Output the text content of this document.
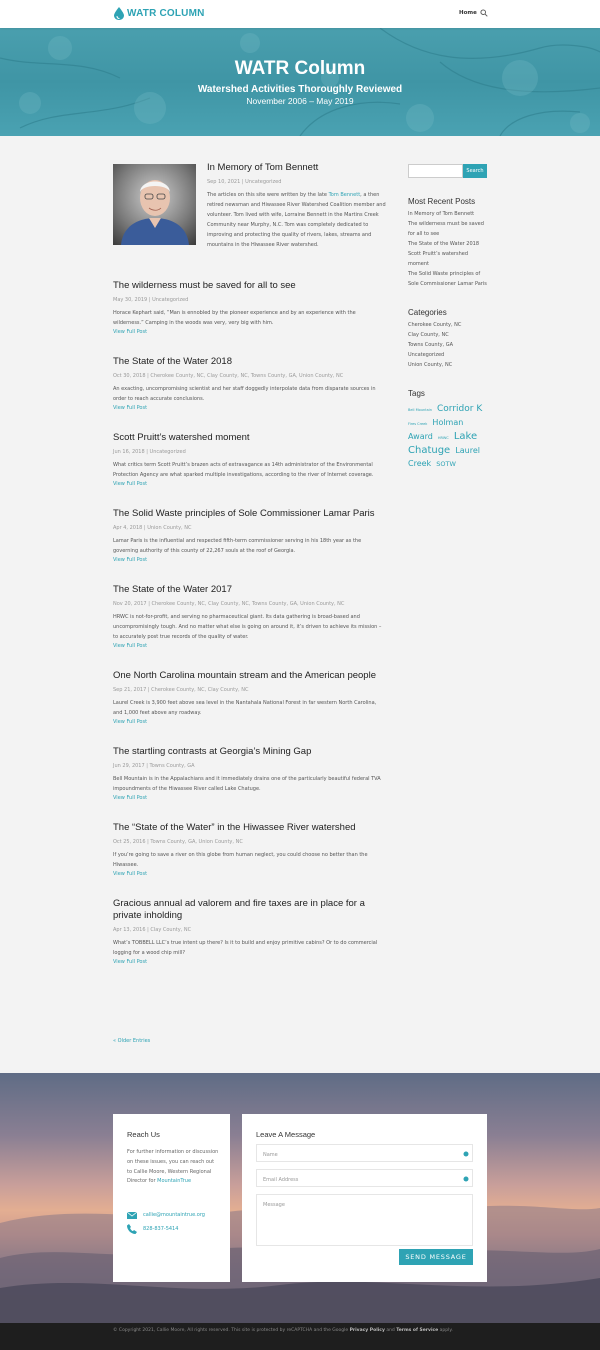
WATR COLUMN	Home
WATR Column
Watershed Activities Thoroughly Reviewed
November 2006 – May 2019
In Memory of Tom Bennett
Sep 10, 2021 | Uncategorized
The articles on this site were written by the late Tom Bennett, a then retired newsman and Hiwassee River Watershed Coalition member and volunteer. Tom lived with wife, Lorraine Bennett in the Martins Creek Community near Murphy, N.C. Tom was completely dedicated to improving and protecting the quality of rivers, lakes, streams and mountains in the Hiwassee River watershed.
The wilderness must be saved for all to see
May 30, 2019 | Uncategorized
Horace Kephart said, “Man is ennobled by the pioneer experience and by an experience with the wilderness.” Camping in the woods was very, very big with him.
View Full Post
The State of the Water 2018
Oct 30, 2018 | Cherokee County, NC, Clay County, NC, Towns County, GA, Union County, NC
An exacting, uncompromising scientist and her staff doggedly interpolate data from disparate sources in order to reach accurate conclusions.
View Full Post
Scott Pruitt’s watershed moment
Jun 16, 2018 | Uncategorized
What critics term Scott Pruitt’s brazen acts of extravagance as 14th administrator of the Environmental Protection Agency are what sparked multiple investigations, according to the river of Internet coverage.
View Full Post
The Solid Waste principles of Sole Commissioner Lamar Paris
Apr 4, 2018 | Union County, NC
Lamar Paris is the influential and respected fifth-term commissioner serving in his 18th year as the governing authority of this county of 22,267 souls at the roof of Georgia.
View Full Post
The State of the Water 2017
Nov 20, 2017 | Cherokee County, NC, Clay County, NC, Towns County, GA, Union County, NC
HRWC is not-for-profit, and serving no pharmaceutical giant. Its data gathering is broad-based and uncompromisingly tough. And no matter what else is going on around it, it’s driven to achieve its mission – to accurately post true records of the quality of water.
View Full Post
One North Carolina mountain stream and the American people
Sep 21, 2017 | Cherokee County, NC, Clay County, NC
Laurel Creek is 3,900 feet above sea level in the Nantahala National Forest in far western North Carolina, and 1,000 feet above any roadway.
View Full Post
The startling contrasts at Georgia’s Mining Gap
Jun 29, 2017 | Towns County, GA
Bell Mountain is in the Appalachians and it immediately drains one of the particularly beautiful federal TVA impoundments of the Hiwassee River called Lake Chatuge.
View Full Post
The “State of the Water” in the Hiwassee River watershed
Oct 25, 2016 | Towns County, GA, Union County, NC
If you’re going to save a river on this globe from human neglect, you could choose no better than the Hiwassee.
View Full Post
Gracious annual ad valorem and fire taxes are in place for a private inholding
Apr 13, 2016 | Clay County, NC
What’s TOBBELL LLC’s true intent up there? Is it to build and enjoy primitive cabins? Or to do commercial logging for a wood chip mill?
View Full Post
« Older Entries
Search
Most Recent Posts
In Memory of Tom Bennett
The wilderness must be saved for all to see
The State of the Water 2018
Scott Pruitt’s watershed moment
The Solid Waste principles of Sole Commissioner Lamar Paris
Categories
Cherokee County, NC
Clay County, NC
Towns County, GA
Uncategorized
Union County, NC
Tags
Bell Mountain Corridor K Fires Creek Holman Award HRWC Lake Chatuge Laurel Creek SOTW
Reach Us
For further information or discussion on these issues, you can reach out to Callie Moore, Western Regional Director for MountainTrue
callie@mountaintrue.org
828-837-5414
Leave A Message
Name
Email Address
Message
SEND MESSAGE
© Copyright 2021, Callie Moore, All rights reserved. This site is protected by reCAPTCHA and the Google Privacy Policy and Terms of Service apply.
